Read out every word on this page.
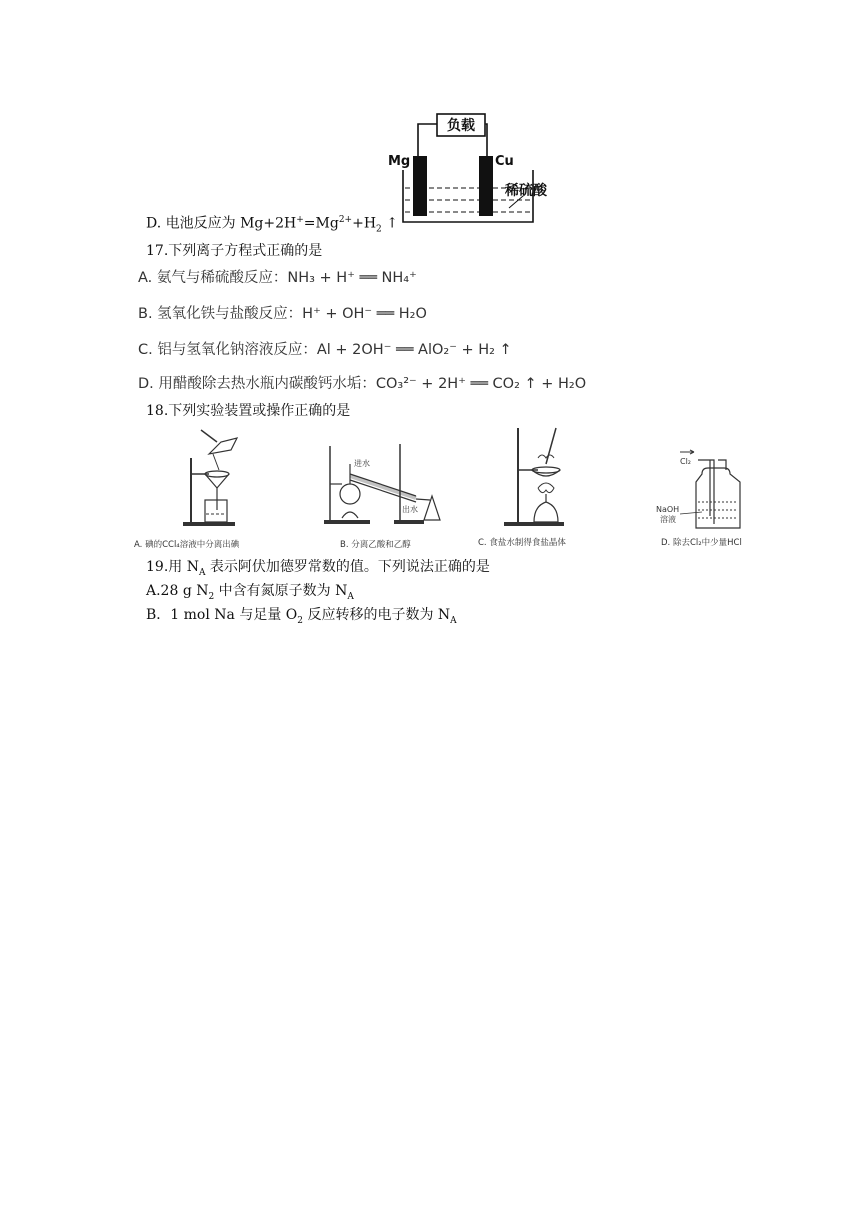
负载
Mg	Cu
稀硫酸
D. 电池反应为 $Mg+2H^+=Mg^{2+}+H_2$ ↑
17.下列离子方程式正确的是
A. 氨气与稀硫酸反应：NH₃ + H⁺ ══ NH₄⁺
B. 氢氧化铁与盐酸反应：H⁺ + OH⁻ ══ H₂O
C. 铝与氢氧化钠溶液反应：Al + 2OH⁻ ══ AlO₂⁻ + H₂ ↑
D. 用醋酸除去热水瓶内碳酸钙水垢：CO₃²⁻ + 2H⁺ ══ CO₂ ↑ + H₂O
18.下列实验装置或操作正确的是
A. 碘的CCl₄溶液中分离出碘
进水
出水
B. 分离乙酸和乙醇	C. 食盐水制得食盐晶体
Cl₂
NaOH
溶液
D. 除去Cl₂中少量HCl
19.用 $N_A$ 表示阿伏加德罗常数的值。下列说法正确的是
A.28 g $N_2$ 中含有氮原子数为 $N_A$
B．1 mol Na 与足量 $O_2$ 反应转移的电子数为 $N_A$
